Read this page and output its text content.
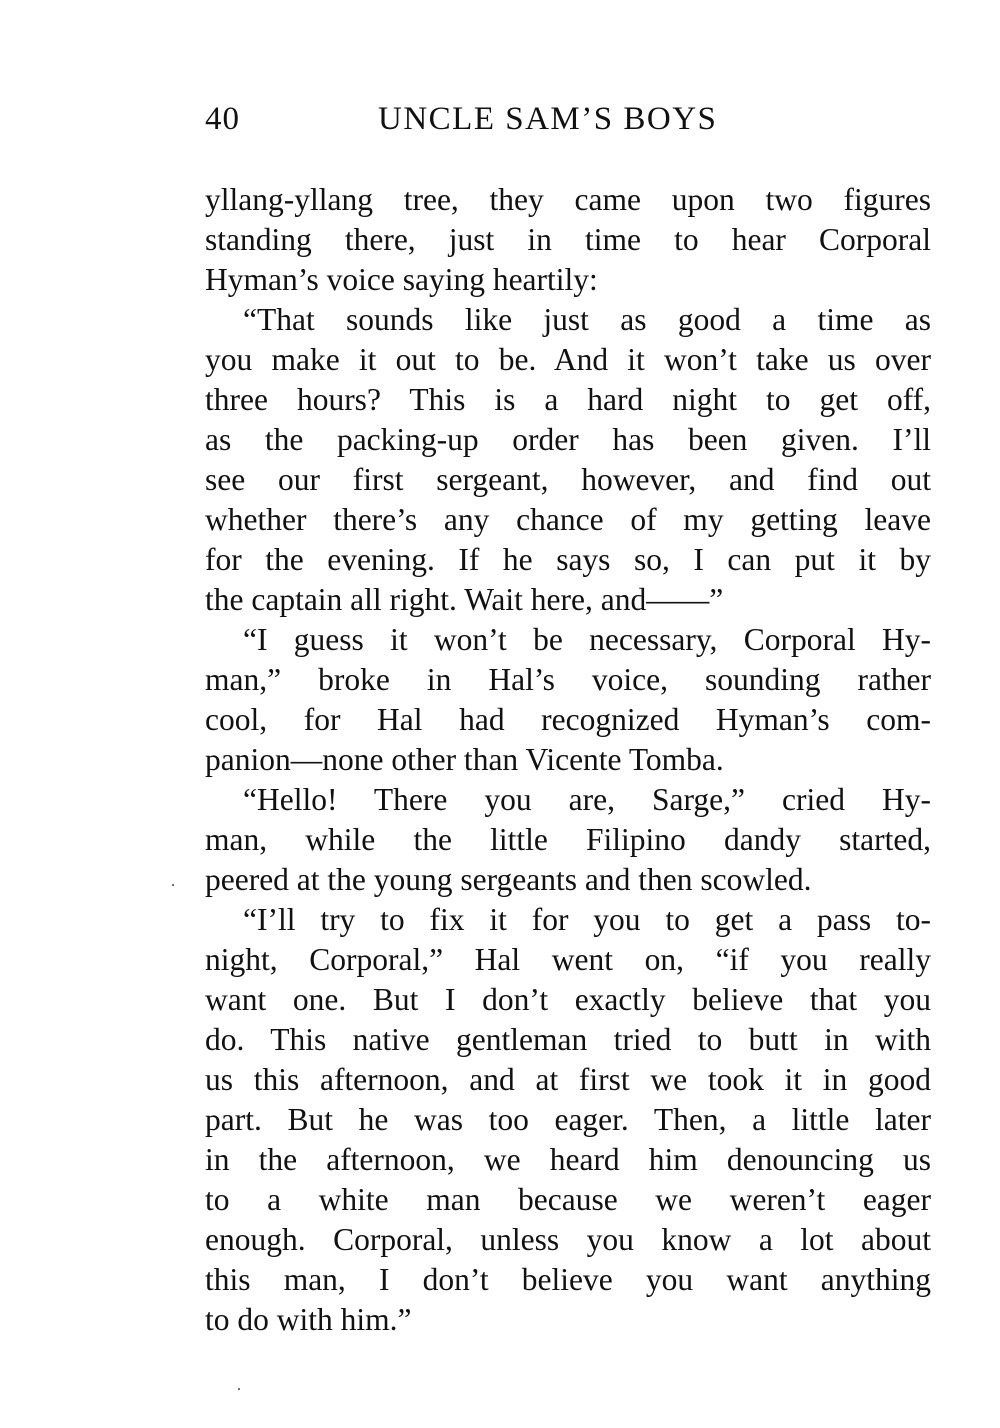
40	UNCLE SAM’S BOYS
yllang-yllang tree, they came upon two figures
standing there, just in time to hear Corporal
Hyman’s voice saying heartily:
“That sounds like just as good a time as
you make it out to be. And it won’t take us over
three hours? This is a hard night to get off,
as the packing-up order has been given. I’ll
see our first sergeant, however, and find out
whether there’s any chance of my getting leave
for the evening. If he says so, I can put it by
the captain all right. Wait here, and——”
“I guess it won’t be necessary, Corporal Hy-
man,” broke in Hal’s voice, sounding rather
cool, for Hal had recognized Hyman’s com-
panion—none other than Vicente Tomba.
“Hello! There you are, Sarge,” cried Hy-
man, while the little Filipino dandy started,
peered at the young sergeants and then scowled.
“I’ll try to fix it for you to get a pass to-
night, Corporal,” Hal went on, “if you really
want one. But I don’t exactly believe that you
do. This native gentleman tried to butt in with
us this afternoon, and at first we took it in good
part. But he was too eager. Then, a little later
in the afternoon, we heard him denouncing us
to a white man because we weren’t eager
enough. Corporal, unless you know a lot about
this man, I don’t believe you want anything
to do with him.”
